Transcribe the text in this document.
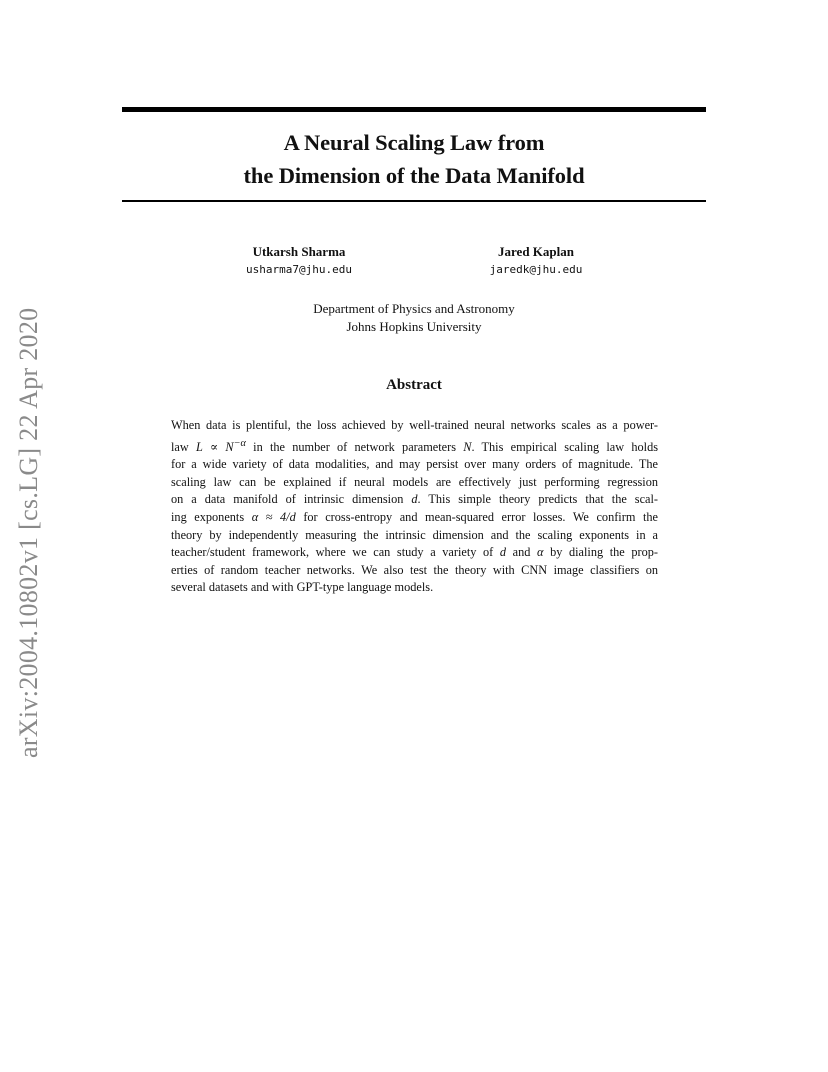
A Neural Scaling Law from
the Dimension of the Data Manifold
Utkarsh Sharma
usharma7@jhu.edu
Jared Kaplan
jaredk@jhu.edu
Department of Physics and Astronomy
Johns Hopkins University
Abstract
When data is plentiful, the loss achieved by well-trained neural networks scales as a power-
law $L \propto N^{-\alpha}$ in the number of network parameters N. This empirical scaling law holds
for a wide variety of data modalities, and may persist over many orders of magnitude. The
scaling law can be explained if neural models are effectively just performing regression
on a data manifold of intrinsic dimension d. This simple theory predicts that the scal-
ing exponents α ≈ 4/d for cross-entropy and mean-squared error losses. We confirm the
theory by independently measuring the intrinsic dimension and the scaling exponents in a
teacher/student framework, where we can study a variety of d and α by dialing the prop-
erties of random teacher networks. We also test the theory with CNN image classifiers on
several datasets and with GPT-type language models.
arXiv:2004.10802v1 [cs.LG] 22 Apr 2020
